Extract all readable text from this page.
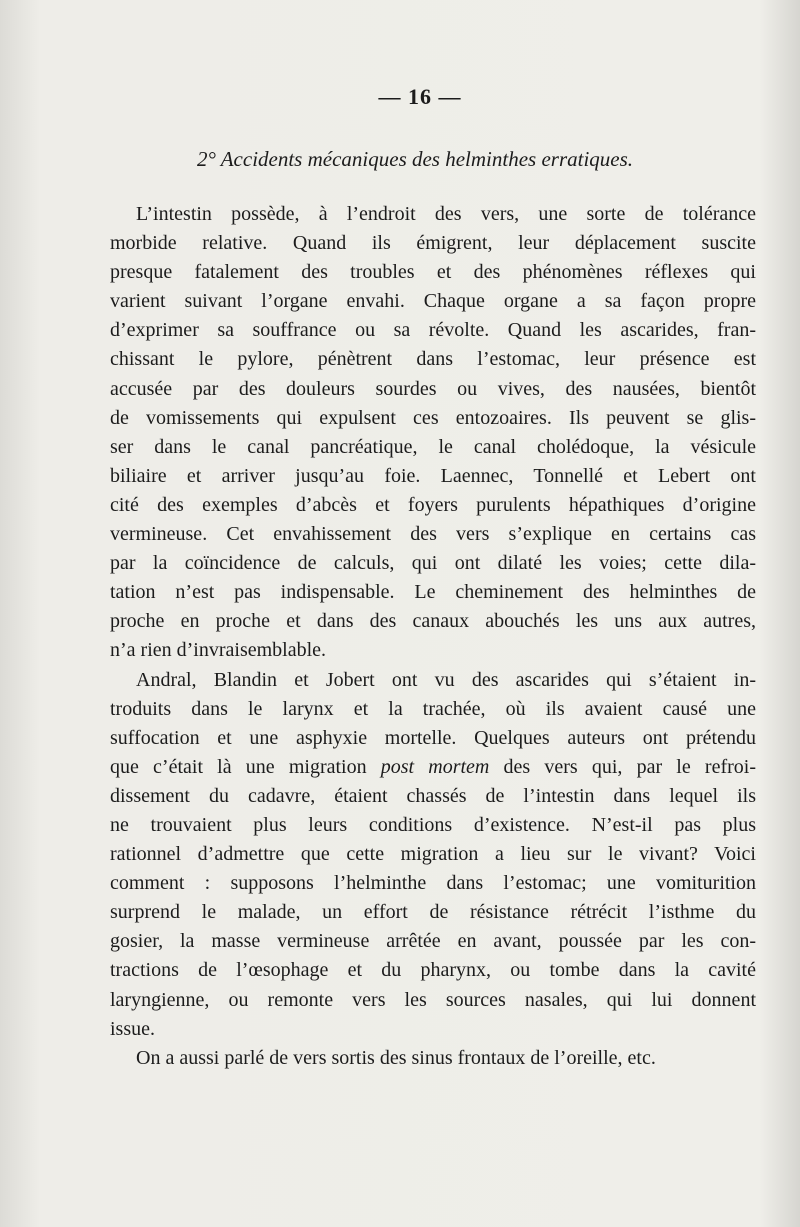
— 16 —
2° Accidents mécaniques des helminthes erratiques.
L’intestin possède, à l’endroit des vers, une sorte de tolérance
morbide relative. Quand ils émigrent, leur déplacement suscite
presque fatalement des troubles et des phénomènes réflexes qui
varient suivant l’organe envahi. Chaque organe a sa façon propre
d’exprimer sa souffrance ou sa révolte. Quand les ascarides, fran-
chissant le pylore, pénètrent dans l’estomac, leur présence est
accusée par des douleurs sourdes ou vives, des nausées, bientôt
de vomissements qui expulsent ces entozoaires. Ils peuvent se glis-
ser dans le canal pancréatique, le canal cholédoque, la vésicule
biliaire et arriver jusqu’au foie. Laennec, Tonnellé et Lebert ont
cité des exemples d’abcès et foyers purulents hépathiques d’origine
vermineuse. Cet envahissement des vers s’explique en certains cas
par la coïncidence de calculs, qui ont dilaté les voies; cette dila-
tation n’est pas indispensable. Le cheminement des helminthes de
proche en proche et dans des canaux abouchés les uns aux autres,
n’a rien d’invraisemblable.
Andral, Blandin et Jobert ont vu des ascarides qui s’étaient in-
troduits dans le larynx et la trachée, où ils avaient causé une
suffocation et une asphyxie mortelle. Quelques auteurs ont prétendu
que c’était là une migration post mortem des vers qui, par le refroi-
dissement du cadavre, étaient chassés de l’intestin dans lequel ils
ne trouvaient plus leurs conditions d’existence. N’est-il pas plus
rationnel d’admettre que cette migration a lieu sur le vivant? Voici
comment : supposons l’helminthe dans l’estomac; une vomiturition
surprend le malade, un effort de résistance rétrécit l’isthme du
gosier, la masse vermineuse arrêtée en avant, poussée par les con-
tractions de l’œsophage et du pharynx, ou tombe dans la cavité
laryngienne, ou remonte vers les sources nasales, qui lui donnent
issue.
On a aussi parlé de vers sortis des sinus frontaux de l’oreille, etc.
